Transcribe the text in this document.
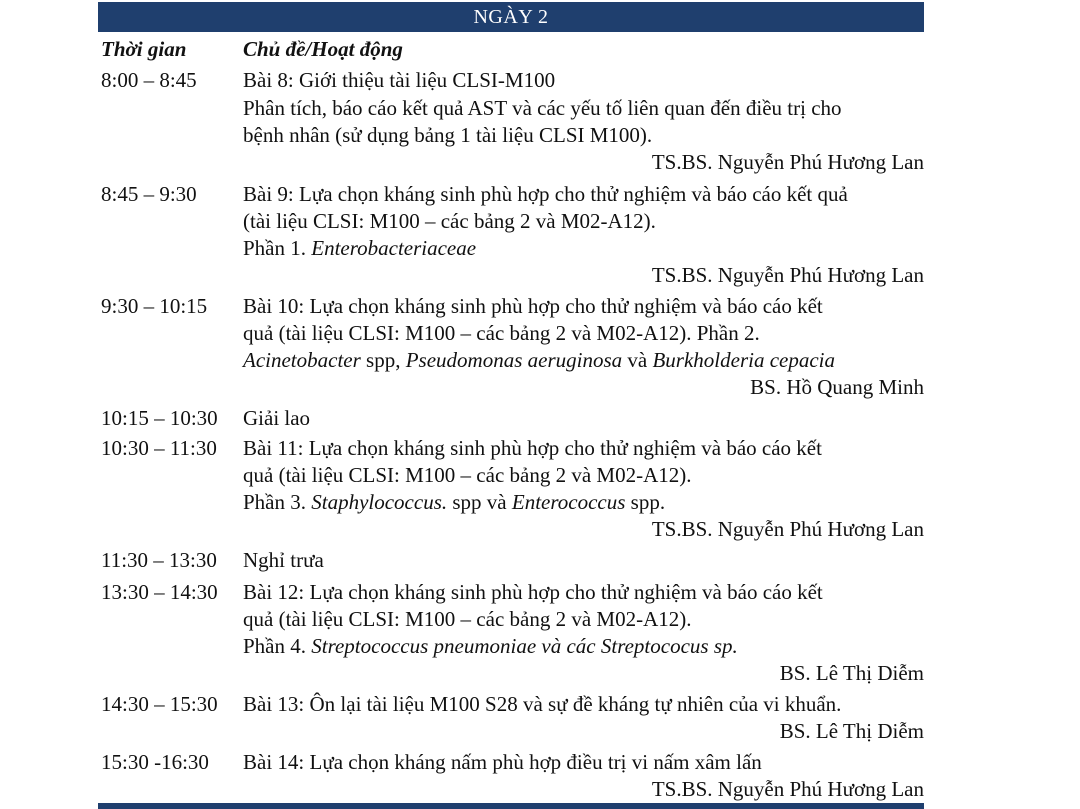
NGÀY 2
Thời gian	Chủ đề/Hoạt động
8:00 – 8:45 Bài 8: Giới thiệu tài liệu CLSI-M100
Phân tích, báo cáo kết quả AST và các yếu tố liên quan đến điều trị cho
bệnh nhân (sử dụng bảng 1 tài liệu CLSI M100).
TS.BS. Nguyễn Phú Hương Lan
8:45 – 9:30 Bài 9: Lựa chọn kháng sinh phù hợp cho thử nghiệm và báo cáo kết quả
(tài liệu CLSI: M100 – các bảng 2 và M02-A12).
Phần 1. Enterobacteriaceae
TS.BS. Nguyễn Phú Hương Lan
9:30 – 10:15 Bài 10: Lựa chọn kháng sinh phù hợp cho thử nghiệm và báo cáo kết
quả (tài liệu CLSI: M100 – các bảng 2 và M02-A12). Phần 2.
Acinetobacter spp, Pseudomonas aeruginosa và Burkholderia cepacia
BS. Hồ Quang Minh
10:15 – 10:30 Giải lao
10:30 – 11:30 Bài 11: Lựa chọn kháng sinh phù hợp cho thử nghiệm và báo cáo kết
quả (tài liệu CLSI: M100 – các bảng 2 và M02-A12).
Phần 3. Staphylococcus. spp và Enterococcus spp.
TS.BS. Nguyễn Phú Hương Lan
11:30 – 13:30 Nghỉ trưa
13:30 – 14:30 Bài 12: Lựa chọn kháng sinh phù hợp cho thử nghiệm và báo cáo kết
quả (tài liệu CLSI: M100 – các bảng 2 và M02-A12).
Phần 4. Streptococcus pneumoniae và các Streptococus sp.
BS. Lê Thị Diễm
14:30 – 15:30 Bài 13: Ôn lại tài liệu M100 S28 và sự đề kháng tự nhiên của vi khuẩn.
BS. Lê Thị Diễm
15:30 -16:30 Bài 14: Lựa chọn kháng nấm phù hợp điều trị vi nấm xâm lấn
TS.BS. Nguyễn Phú Hương Lan
